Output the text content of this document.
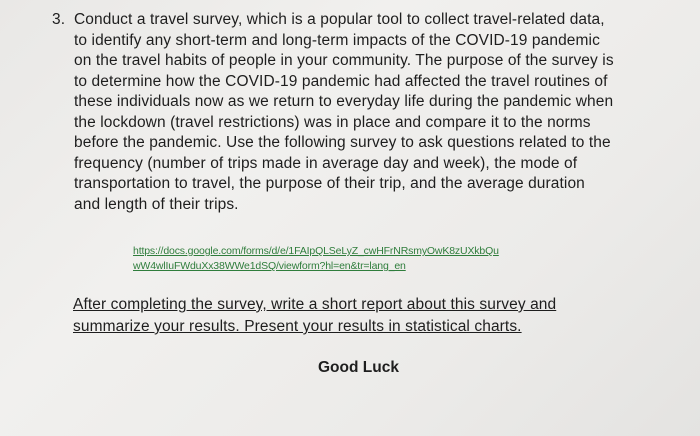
3. Conduct a travel survey, which is a popular tool to collect travel-related data,
to identify any short-term and long-term impacts of the COVID-19 pandemic
on the travel habits of people in your community. The purpose of the survey is
to determine how the COVID-19 pandemic had affected the travel routines of
these individuals now as we return to everyday life during the pandemic when
the lockdown (travel restrictions) was in place and compare it to the norms
before the pandemic. Use the following survey to ask questions related to the
frequency (number of trips made in average day and week), the mode of
transportation to travel, the purpose of their trip, and the average duration
and length of their trips.
https://docs.google.com/forms/d/e/1FAIpQLSeLyZ_cwHFrNRsmyOwK8zUXkbQu
wW4wlIuFWduXx38WWe1dSQ/viewform?hl=en&tr=lang_en
After completing the survey, write a short report about this survey and
summarize your results. Present your results in statistical charts.
Good Luck
